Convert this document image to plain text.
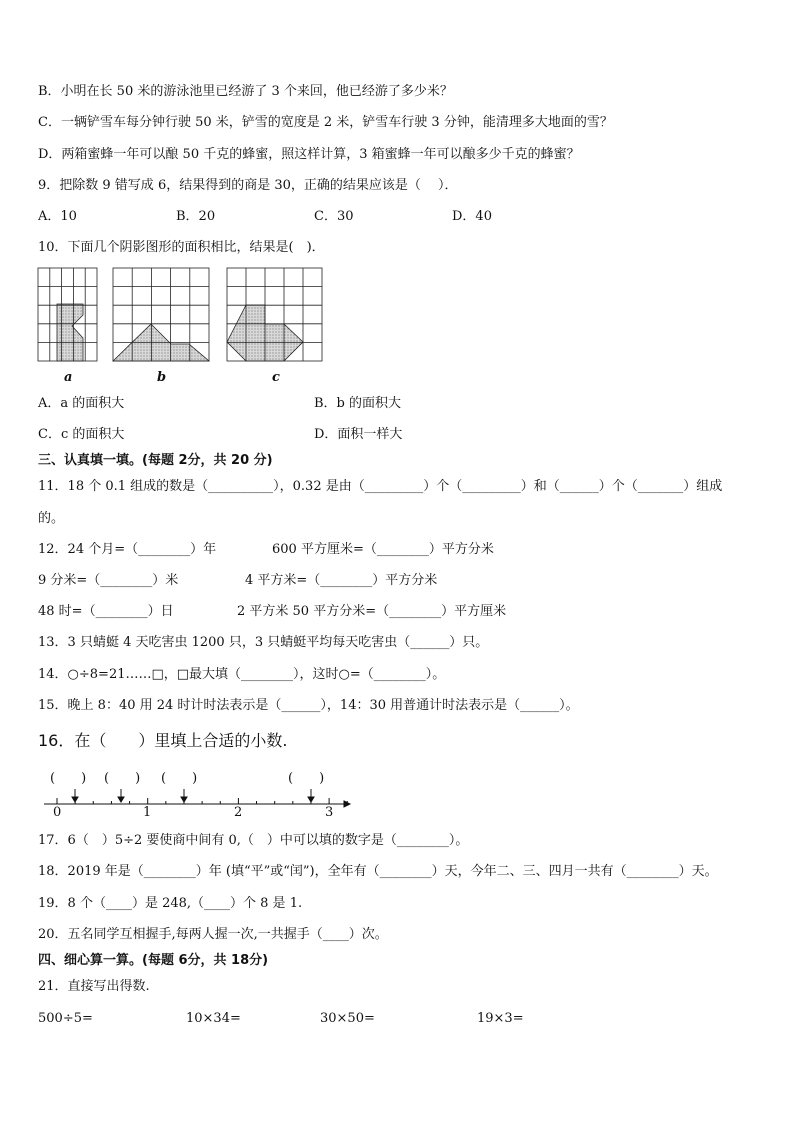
B．小明在长 50 米的游泳池里已经游了 3 个来回，他已经游了多少米？
C．一辆铲雪车每分钟行驶 50 米，铲雪的宽度是 2 米，铲雪车行驶 3 分钟，能清理多大地面的雪？
D．两箱蜜蜂一年可以酿 50 千克的蜂蜜，照这样计算，3 箱蜜蜂一年可以酿多少千克的蜂蜜？
9．把除数 9 错写成 6，结果得到的商是 30，正确的结果应该是（　 ）．
A．10	B．20	C．30	D．40
10．下面几个阴影图形的面积相比，结果是(　)．
a	b	c
A．a 的面积大	B．b 的面积大
C．c 的面积大	D．面积一样大
三、认真填一填。(每题 2分，共 20 分)
11．18 个 0.1 组成的数是（__________），0.32 是由（_________）个（_________）和（______）个（_______）组成
的。
12．24 个月=（________）年	600 平方厘米=（________）平方分米
9 分米=（________）米	4 平方米=（________）平方分米
48 时=（________）日	2 平方米 50 平方分米=（________）平方厘米
13．3 只蜻蜓 4 天吃害虫 1200 只，3 只蜻蜓平均每天吃害虫（______）只。
14．○÷8=21……□，□最大填（________），这时○=（________）。
15．晚上 8：40 用 24 时计时法表示是（______），14：30 用普通计时法表示是（______）。
16．在（　　）里填上合适的小数.
(　　) (　　) (　　)	(　　)
0	1	2	3
17．6（　）5÷2 要使商中间有 0,（　）中可以填的数字是（________）。
18．2019 年是（________）年 (填“平”或“闰”)，全年有（________）天，今年二、三、四月一共有（________）天。
19．8 个（____）是 248,（____）个 8 是 1.
20．五名同学互相握手,每两人握一次,一共握手（____）次。
四、细心算一算。(每题 6分，共 18分)
21．直接写出得数.
500÷5=	10×34=	30×50=	19×3=
